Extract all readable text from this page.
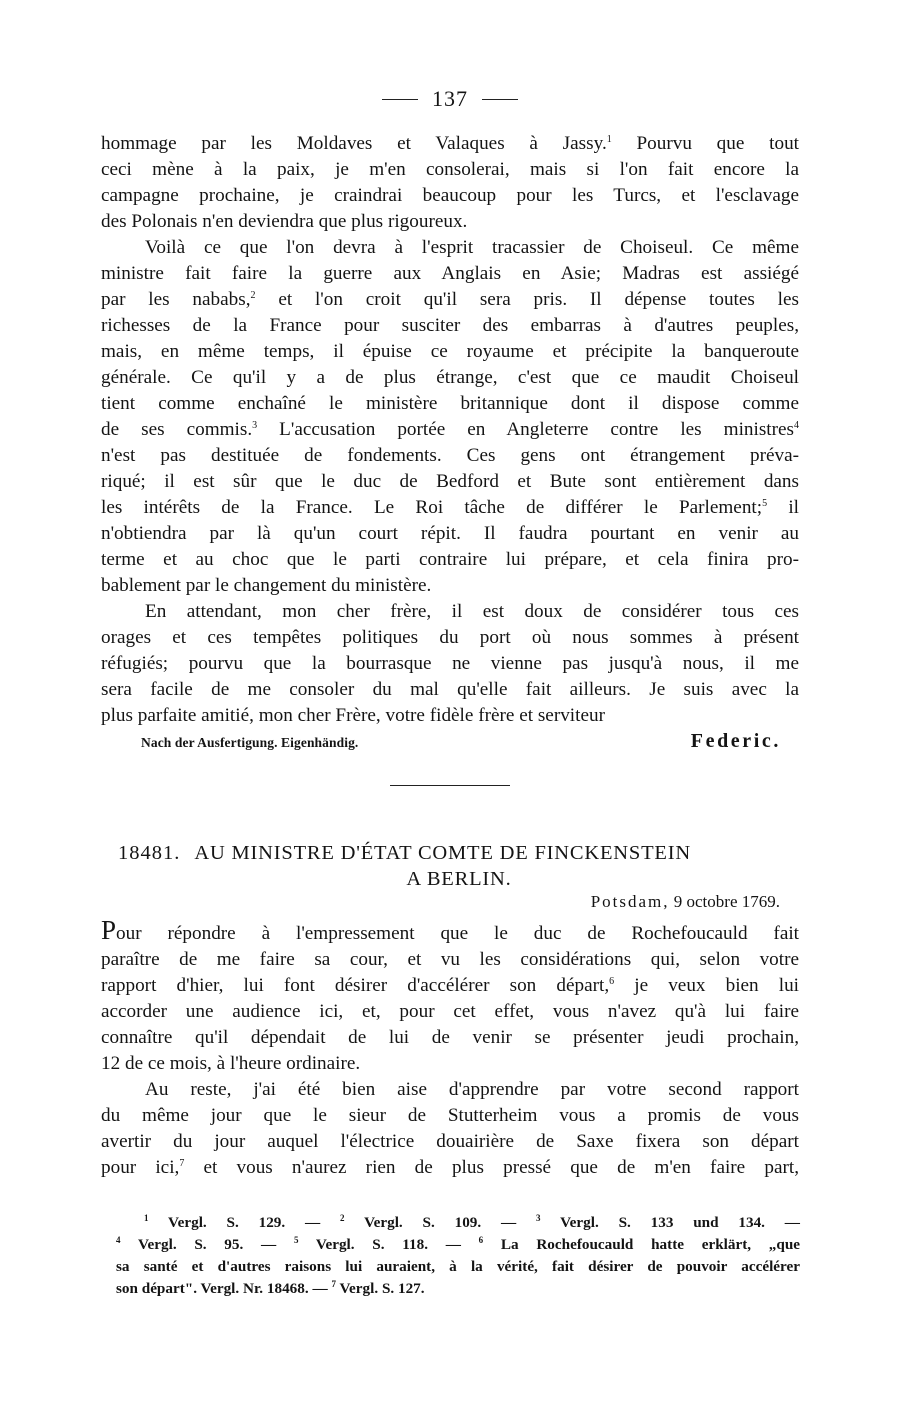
137
hommage par les Moldaves et Valaques à Jassy.$^1$ Pourvu que tout
ceci mène à la paix, je m'en consolerai, mais si l'on fait encore la
campagne prochaine, je craindrai beaucoup pour les Turcs, et l'esclavage
des Polonais n'en deviendra que plus rigoureux.
Voilà ce que l'on devra à l'esprit tracassier de Choiseul. Ce même
ministre fait faire la guerre aux Anglais en Asie; Madras est assiégé
par les nababs,$^2$ et l'on croit qu'il sera pris. Il dépense toutes les
richesses de la France pour susciter des embarras à d'autres peuples,
mais, en même temps, il épuise ce royaume et précipite la banqueroute
générale. Ce qu'il y a de plus étrange, c'est que ce maudit Choiseul
tient comme enchaîné le ministère britannique dont il dispose comme
de ses commis.$^3$ L'accusation portée en Angleterre contre les ministres$^4$
n'est pas destituée de fondements. Ces gens ont étrangement préva-
riqué; il est sûr que le duc de Bedford et Bute sont entièrement dans
les intérêts de la France. Le Roi tâche de différer le Parlement;$^5$ il
n'obtiendra par là qu'un court répit. Il faudra pourtant en venir au
terme et au choc que le parti contraire lui prépare, et cela finira pro-
bablement par le changement du ministère.
En attendant, mon cher frère, il est doux de considérer tous ces
orages et ces tempêtes politiques du port où nous sommes à présent
réfugiés; pourvu que la bourrasque ne vienne pas jusqu'à nous, il me
sera facile de me consoler du mal qu'elle fait ailleurs. Je suis avec la
plus parfaite amitié, mon cher Frère, votre fidèle frère et serviteur
Nach der Ausfertigung. Eigenhändig.	Federic.
18481. AU MINISTRE D'ÉTAT COMTE DE FINCKENSTEIN
A BERLIN.
Potsdam, 9 octobre 1769.
Pour répondre à l'empressement que le duc de Rochefoucauld fait
paraître de me faire sa cour, et vu les considérations qui, selon votre
rapport d'hier, lui font désirer d'accélérer son départ,$^6$ je veux bien lui
accorder une audience ici, et, pour cet effet, vous n'avez qu'à lui faire
connaître qu'il dépendait de lui de venir se présenter jeudi prochain,
12 de ce mois, à l'heure ordinaire.
Au reste, j'ai été bien aise d'apprendre par votre second rapport
du même jour que le sieur de Stutterheim vous a promis de vous
avertir du jour auquel l'électrice douairière de Saxe fixera son départ
pour ici,$^7$ et vous n'aurez rien de plus pressé que de m'en faire part,
$^1$ Vergl. S. 129. — $^2$ Vergl. S. 109. — $^3$ Vergl. S. 133 und 134. —
$^4$ Vergl. S. 95. — $^5$ Vergl. S. 118. — $^6$ La Rochefoucauld hatte erklärt, „que
sa santé et d'autres raisons lui auraient, à la vérité, fait désirer de pouvoir accélérer
son départ". Vergl. Nr. 18468. — $^7$ Vergl. S. 127.
